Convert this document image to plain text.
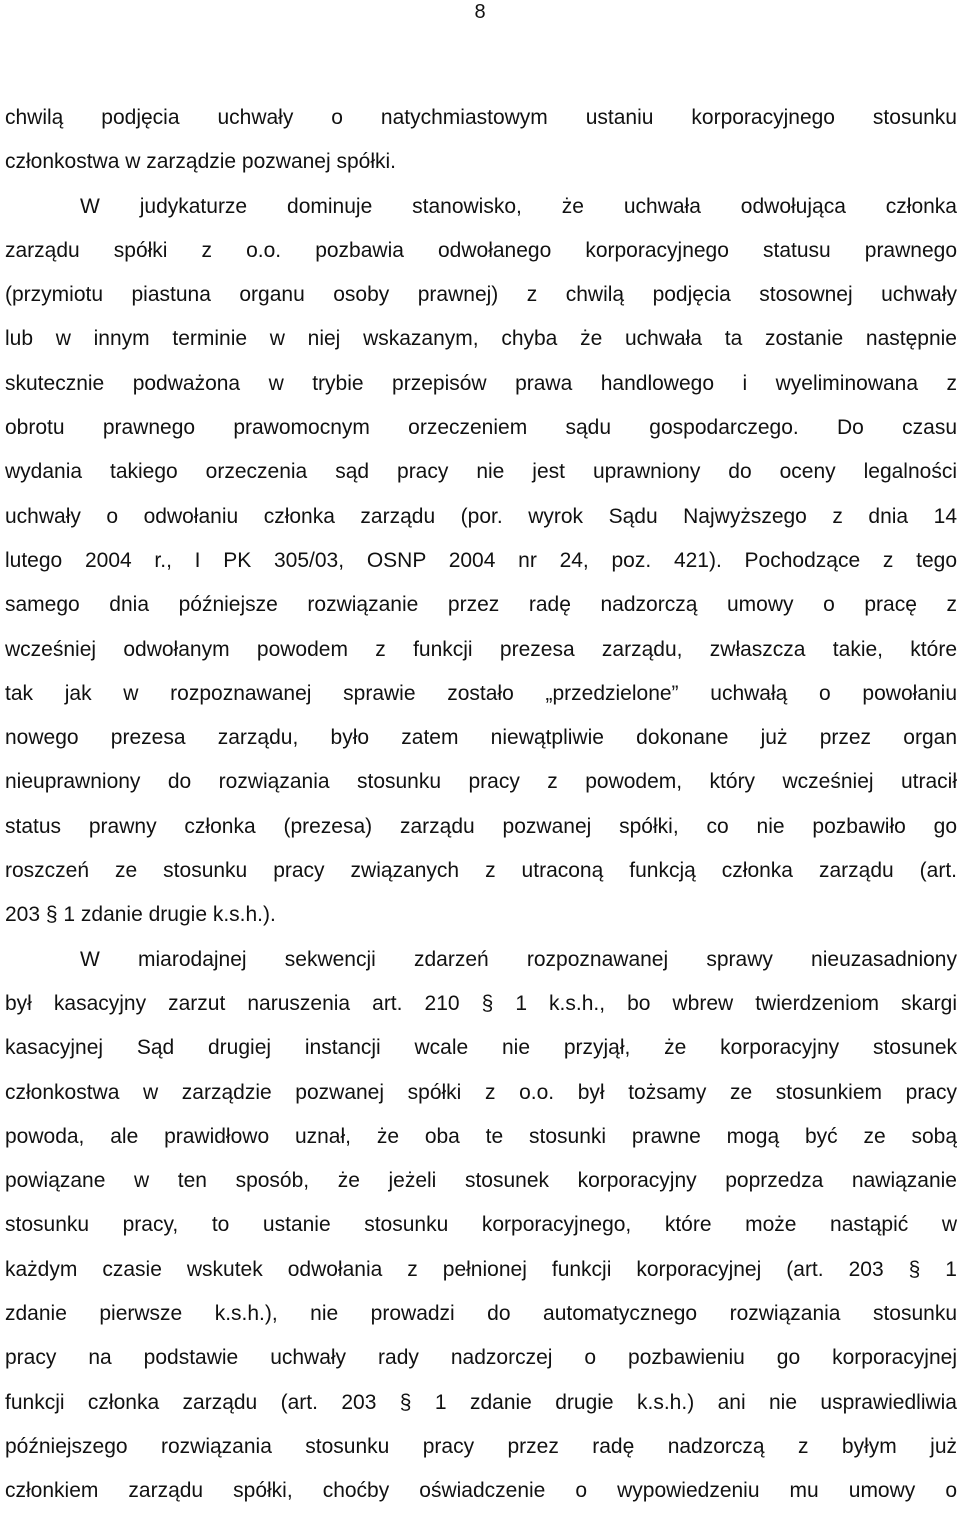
8
chwilą podjęcia uchwały o natychmiastowym ustaniu korporacyjnego stosunku
członkostwa w zarządzie pozwanej spółki.
W judykaturze dominuje stanowisko, że uchwała odwołująca członka
zarządu spółki z o.o. pozbawia odwołanego korporacyjnego statusu prawnego
(przymiotu piastuna organu osoby prawnej) z chwilą podjęcia stosownej uchwały
lub w innym terminie w niej wskazanym, chyba że uchwała ta zostanie następnie
skutecznie podważona w trybie przepisów prawa handlowego i wyeliminowana z
obrotu prawnego prawomocnym orzeczeniem sądu gospodarczego. Do czasu
wydania takiego orzeczenia sąd pracy nie jest uprawniony do oceny legalności
uchwały o odwołaniu członka zarządu (por. wyrok Sądu Najwyższego z dnia 14
lutego 2004 r., I PK 305/03, OSNP 2004 nr 24, poz. 421). Pochodzące z tego
samego dnia późniejsze rozwiązanie przez radę nadzorczą umowy o pracę z
wcześniej odwołanym powodem z funkcji prezesa zarządu, zwłaszcza takie, które
tak jak w rozpoznawanej sprawie zostało „przedzielone” uchwałą o powołaniu
nowego prezesa zarządu, było zatem niewątpliwie dokonane już przez organ
nieuprawniony do rozwiązania stosunku pracy z powodem, który wcześniej utracił
status prawny członka (prezesa) zarządu pozwanej spółki, co nie pozbawiło go
roszczeń ze stosunku pracy związanych z utraconą funkcją członka zarządu (art.
203 § 1 zdanie drugie k.s.h.).
W miarodajnej sekwencji zdarzeń rozpoznawanej sprawy nieuzasadniony
był kasacyjny zarzut naruszenia art. 210 § 1 k.s.h., bo wbrew twierdzeniom skargi
kasacyjnej Sąd drugiej instancji wcale nie przyjął, że korporacyjny stosunek
członkostwa w zarządzie pozwanej spółki z o.o. był tożsamy ze stosunkiem pracy
powoda, ale prawidłowo uznał, że oba te stosunki prawne mogą być ze sobą
powiązane w ten sposób, że jeżeli stosunek korporacyjny poprzedza nawiązanie
stosunku pracy, to ustanie stosunku korporacyjnego, które może nastąpić w
każdym czasie wskutek odwołania z pełnionej funkcji korporacyjnej (art. 203 § 1
zdanie pierwsze k.s.h.), nie prowadzi do automatycznego rozwiązania stosunku
pracy na podstawie uchwały rady nadzorczej o pozbawieniu go korporacyjnej
funkcji członka zarządu (art. 203 § 1 zdanie drugie k.s.h.) ani nie usprawiedliwia
późniejszego rozwiązania stosunku pracy przez radę nadzorczą z byłym już
członkiem zarządu spółki, choćby oświadczenie o wypowiedzeniu mu umowy o
